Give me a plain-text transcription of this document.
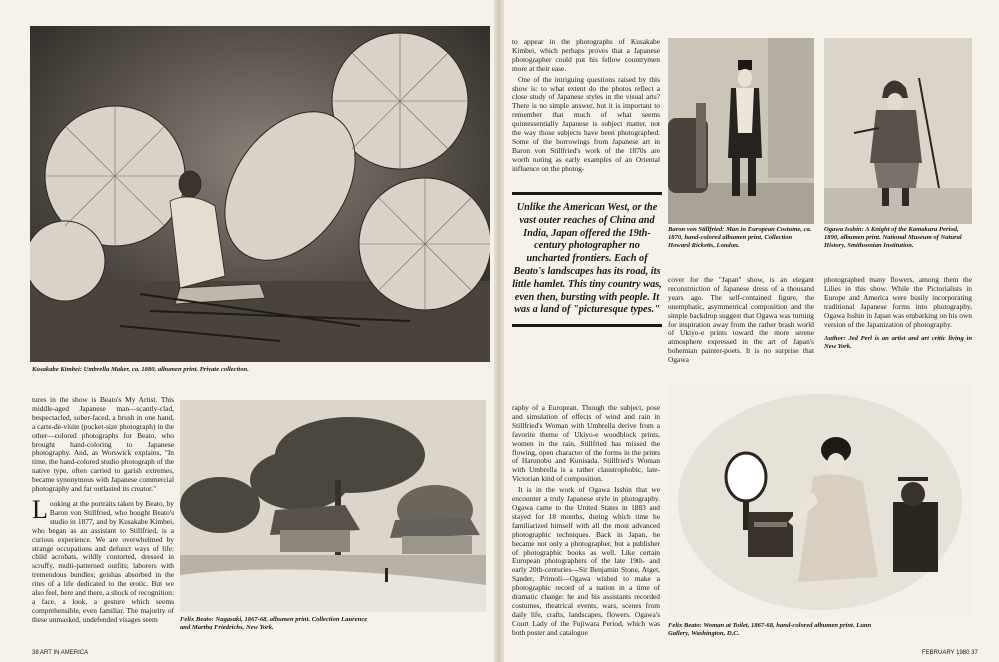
Kusakabe Kimbei: Umbrella Maker, ca. 1880, albumen print. Private collection.

tures in the show is Beato's My Artist. This middle-aged Japanese man—scantly-clad, bespectacled, sober-faced, a brush in one hand, a carte-de-visite (pocket-size photograph) in the other—colored photographs for Beato, who brought hand-coloring to Japanese photography. And, as Worswick explains, "In time, the hand-colored studio photograph of the native type, often carried to garish extremes, became synonymous with Japanese commercial photography and far outlasted its creator."

Looking at the portraits taken by Beato, by Baron von Stillfried, who bought Beato's studio in 1877, and by Kusakabe Kimbei, who began as an assistant to Stillfried, is a curious experience. We are overwhelmed by strange occupations and defunct ways of life: child acrobats, wildly contorted, dressed in scruffy, multi-patterned outfits; laborers with tremendous bundles; geishas absorbed in the rites of a life dedicated to the erotic. But we also feel, here and there, a shock of recognition: a face, a look, a gesture which seems comprehensible, even familiar. The majority of these unmasked, undefended visages seem	Felix Beato: Nagasaki, 1867-68, albumen print. Collection Laurence and Martha Friedrichs, New York.
38 ART IN AMERICA

to appear in the photographs of Kusakabe Kimbei, which perhaps proves that a Japanese photographer could put his fellow countrymen more at their ease.

One of the intriguing questions raised by this show is: to what extent do the photos reflect a close study of Japanese styles in the visual arts? There is no simple answer, but it is important to remember that much of what seems quintessentially Japanese is subject matter, not the way those subjects have been photographed. Some of the borrowings from Japanese art in Baron von Stillfried's work of the 1870s are worth noting as early examples of an Oriental influence on the photog-

Unlike the American West, or the vast outer reaches of China and India, Japan offered the 19th-century photographer no uncharted frontiers. Each of Beato's landscapes has its road, its little hamlet. This tiny country was, even then, bursting with people. It was a land of "picturesque types."
Baron von Stillfried: Man in European Costume, ca. 1870, hand-colored albumen print. Collection Howard Ricketts, London.
Ogawa Isshin: A Knight of the Kamakura Period, 1890, albumen print. National Museum of Natural History, Smithsonian Institution.

cover for the "Japan" show, is an elegant reconstruction of Japanese dress of a thousand years ago. The self-contained figure, the unemphatic, asymmetrical composition and the simple backdrop suggest that Ogawa was turning for inspiration away from the rather brash world of Ukiyo-e prints toward the more serene atmosphere expressed in the art of Japan's bohemian painter-poets. It is no surprise that Ogawa

photographed many flowers, among them the Lilies in this show. While the Pictorialists in Europe and America were busily incorporating traditional Japanese forms into photography, Ogawa Isshin in Japan was embarking on his own version of the Japanization of photography.

Author: Jed Perl is an artist and art critic living in New York.

raphy of a European. Though the subject, pose and simulation of effects of wind and rain in Stillfried's Woman with Umbrella derive from a favorite theme of Ukiyo-e woodblock prints, women in the rain, Stillfried has missed the flowing, open character of the forms in the prints of Harunobu and Kunisada. Stillfried's Woman with Umbrella is a rather claustrophobic, late-Victorian kind of composition.

It is in the work of Ogawa Isshin that we encounter a truly Japanese style in photography. Ogawa came to the United States in 1883 and stayed for 18 months, during which time he familiarized himself with all the most advanced photographic techniques. Back in Japan, he became not only a photographer, but a publisher of photographic books as well. Like certain European photographers of the late 19th- and early 20th-centuries—Sir Benjamin Stone, Atget, Sander, Primoli—Ogawa wished to make a photographic record of a nation in a time of dramatic change: he and his assistants recorded costumes, theatrical events, wars, scenes from daily life, crafts, landscapes, flowers. Ogawa's Court Lady of the Fujiwara Period, which was both poster and catalogue

Felix Beato: Woman at Toilet, 1867-68, hand-colored albumen print. Lunn Gallery, Washington, D.C.
FEBRUARY 1980 37
